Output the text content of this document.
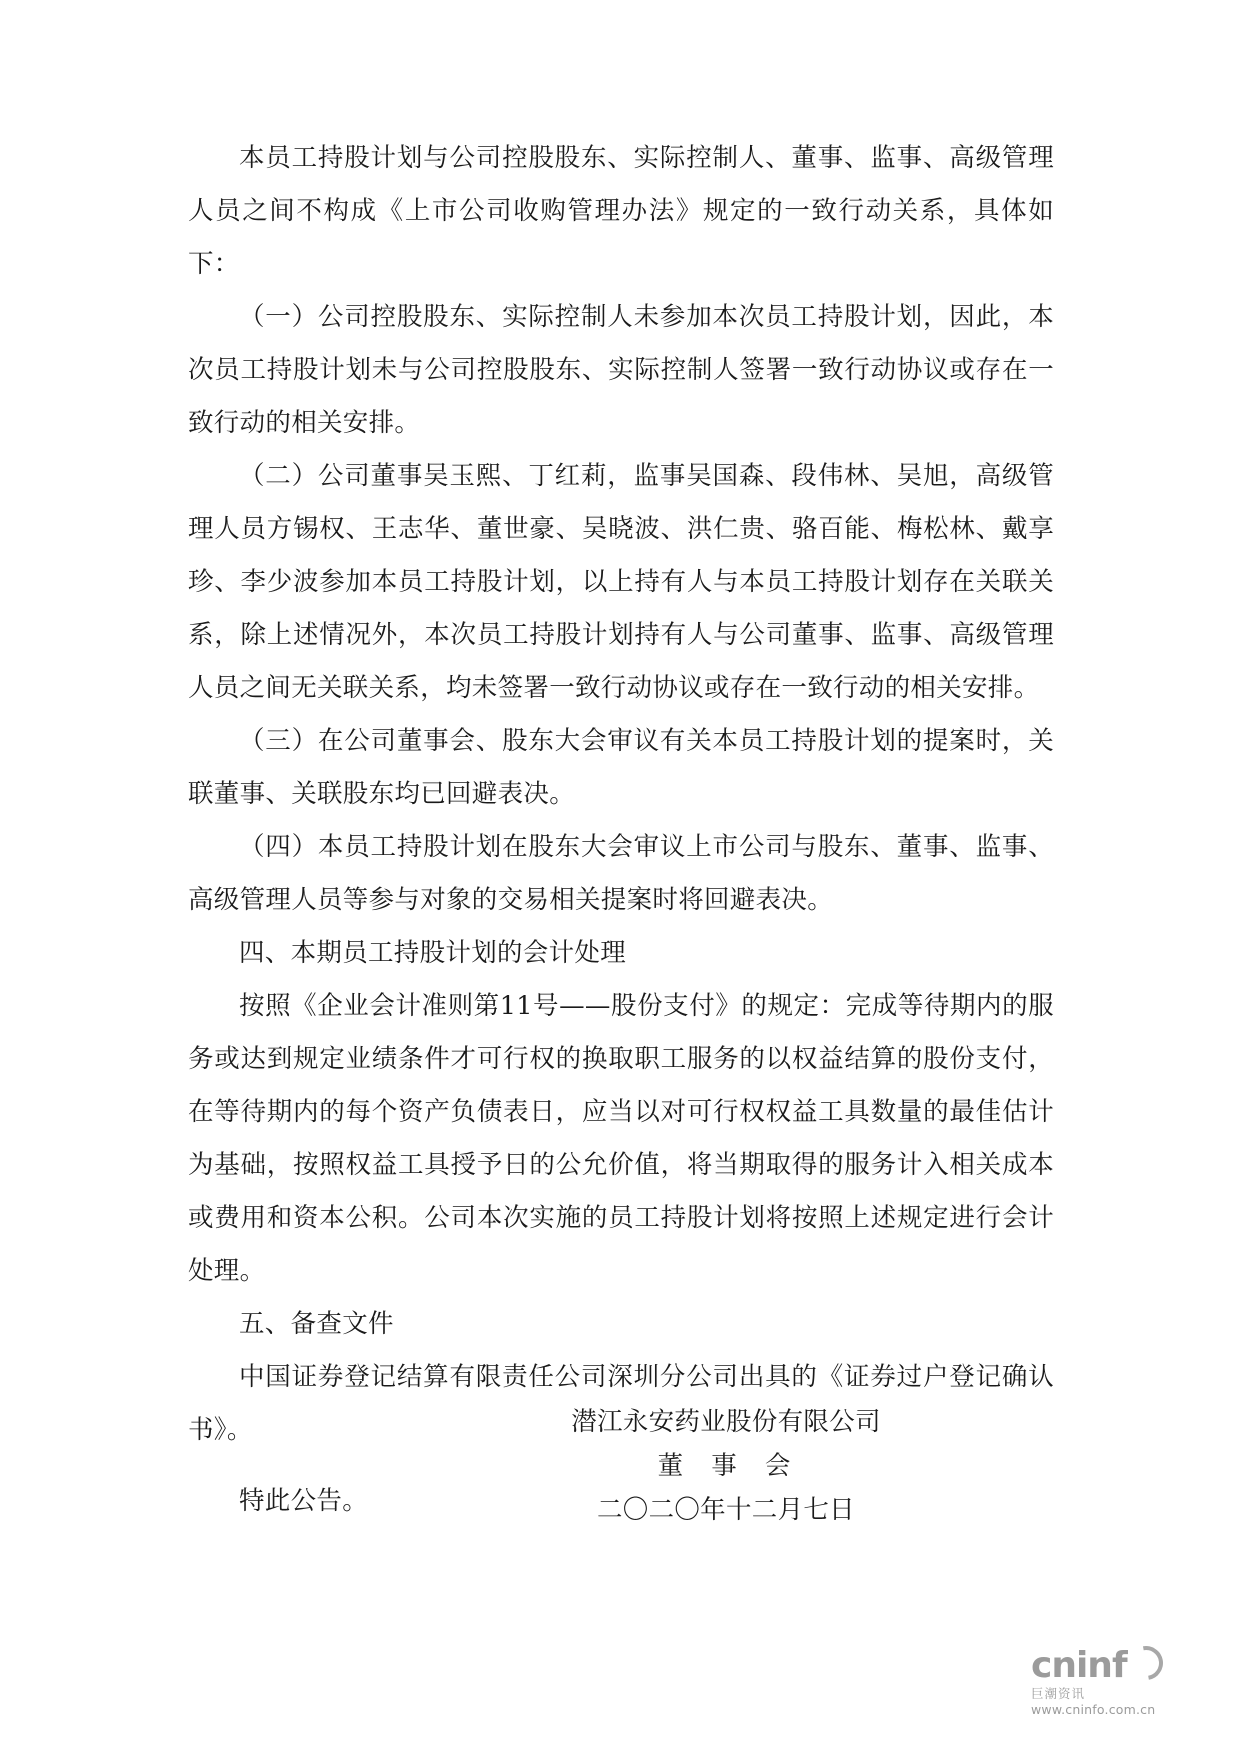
本员工持股计划与公司控股股东、实际控制人、董事、监事、高级管理人员之间不构成《上市公司收购管理办法》规定的一致行动关系，具体如下：

（一）公司控股股东、实际控制人未参加本次员工持股计划，因此，本次员工持股计划未与公司控股股东、实际控制人签署一致行动协议或存在一致行动的相关安排。

（二）公司董事吴玉熙、丁红莉，监事吴国森、段伟林、吴旭，高级管理人员方锡权、王志华、董世豪、吴晓波、洪仁贵、骆百能、梅松林、戴享珍、李少波参加本员工持股计划，以上持有人与本员工持股计划存在关联关系，除上述情况外，本次员工持股计划持有人与公司董事、监事、高级管理人员之间无关联关系，均未签署一致行动协议或存在一致行动的相关安排。

（三）在公司董事会、股东大会审议有关本员工持股计划的提案时，关联董事、关联股东均已回避表决。

（四）本员工持股计划在股东大会审议上市公司与股东、董事、监事、高级管理人员等参与对象的交易相关提案时将回避表决。

四、本期员工持股计划的会计处理

按照《企业会计准则第11号——股份支付》的规定：完成等待期内的服务或达到规定业绩条件才可行权的换取职工服务的以权益结算的股份支付，在等待期内的每个资产负债表日，应当以对可行权权益工具数量的最佳估计为基础，按照权益工具授予日的公允价值，将当期取得的服务计入相关成本或费用和资本公积。公司本次实施的员工持股计划将按照上述规定进行会计处理。

五、备查文件

中国证券登记结算有限责任公司深圳分公司出具的《证券过户登记确认书》。

特此公告。

潜江永安药业股份有限公司

董 事 会

二〇二〇年十二月七日

cninf
巨潮资讯
www.cninfo.com.cn
